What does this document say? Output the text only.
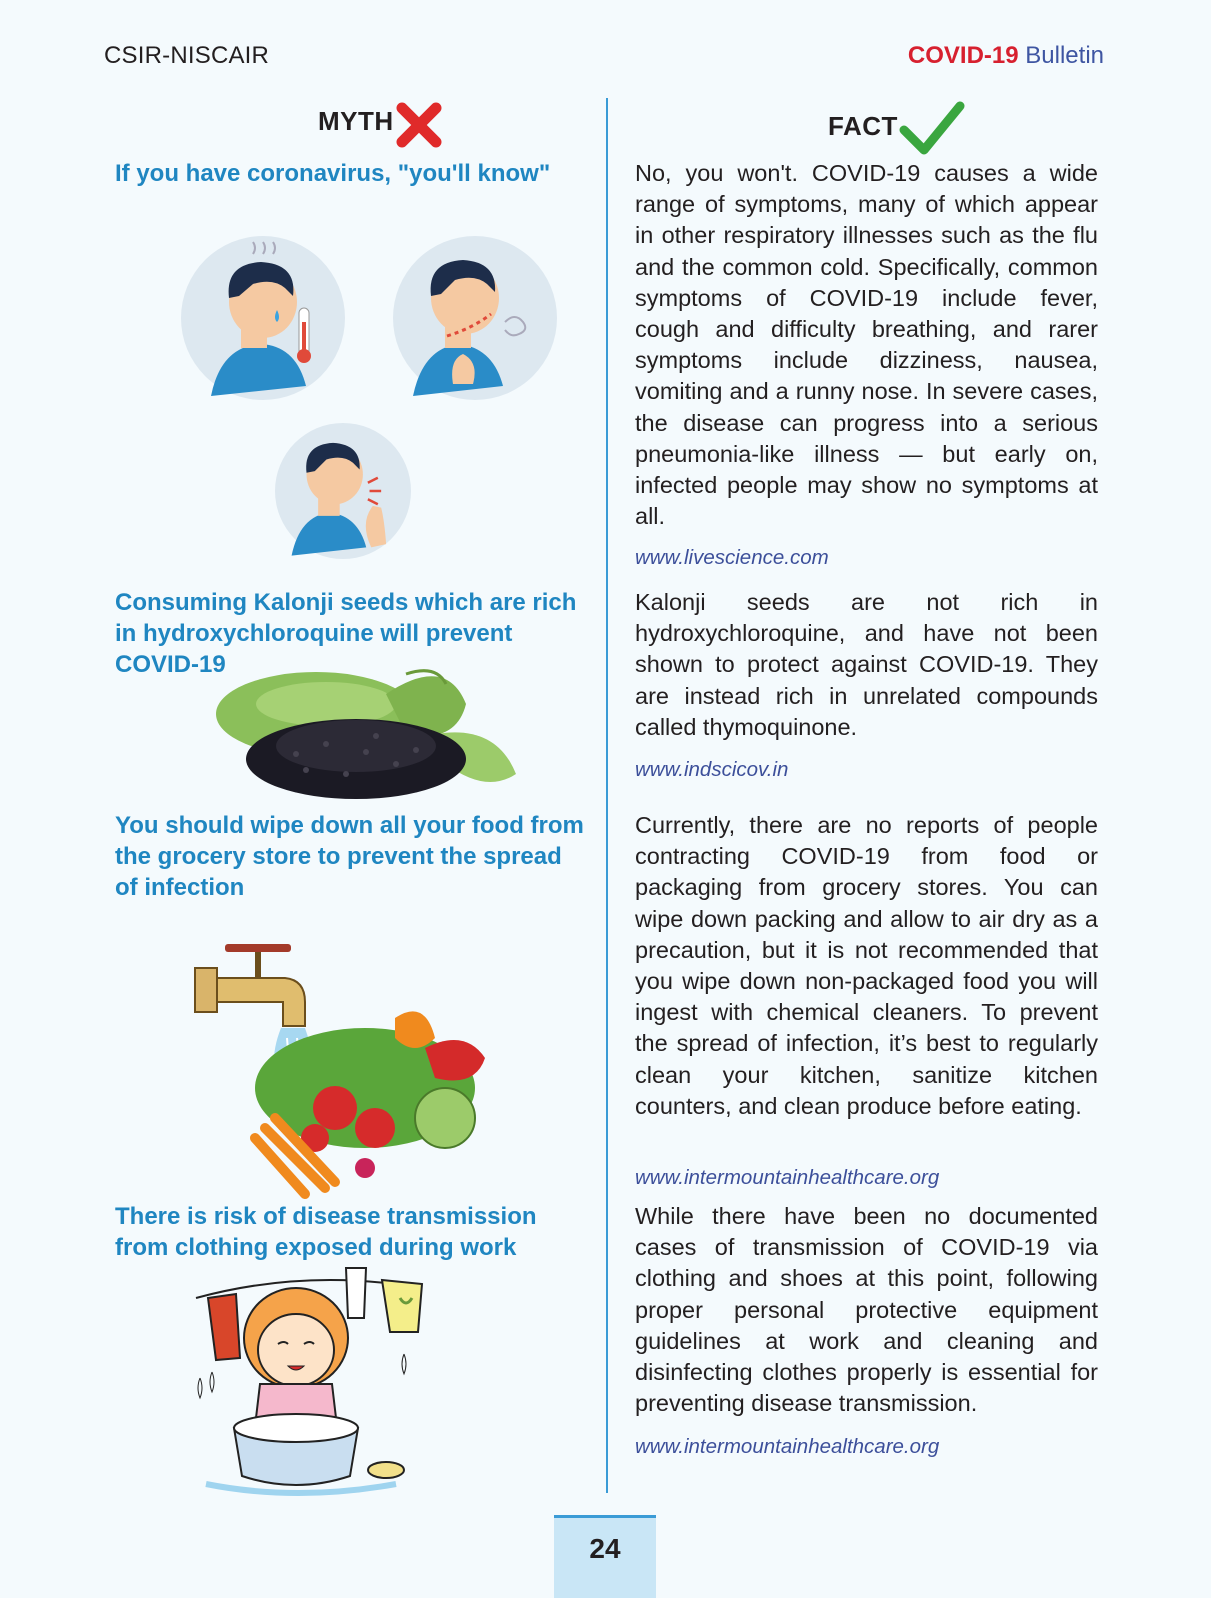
CSIR-NISCAIR	COVID-19 Bulletin
MYTH	FACT
If you have coronavirus, "you'll know"	No, you won't. COVID-19 causes a wide range of symptoms, many of which appear in other respiratory illnesses such as the flu and the common cold. Specifically, common symptoms of COVID-19 include fever, cough and difficulty breathing, and rarer symptoms include dizziness, nausea, vomiting and a runny nose. In severe cases, the disease can progress into a serious pneumonia-like illness — but early on, infected people may show no symptoms at all.
www.livescience.com
Consuming Kalonji seeds which are rich in hydroxychloroquine will prevent COVID-19
Kalonji seeds are not rich in hydroxychloroquine, and have not been shown to protect against COVID-19. They are instead rich in unrelated compounds called thymoquinone.
www.indscicov.in
You should wipe down all your food from the grocery store to prevent the spread of infection
Currently, there are no reports of people contracting COVID-19 from food or packaging from grocery stores. You can wipe down packing and allow to air dry as a precaution, but it is not recommended that you wipe down non-packaged food you will ingest with chemical cleaners. To prevent the spread of infection, it’s best to regularly clean your kitchen, sanitize kitchen counters, and clean produce before eating.
www.intermountainhealthcare.org
There is risk of disease transmission from clothing exposed during work
While there have been no documented cases of transmission of COVID-19 via clothing and shoes at this point, following proper personal protective equipment guidelines at work and cleaning and disinfecting clothes properly is essential for preventing disease transmission.
www.intermountainhealthcare.org
24
